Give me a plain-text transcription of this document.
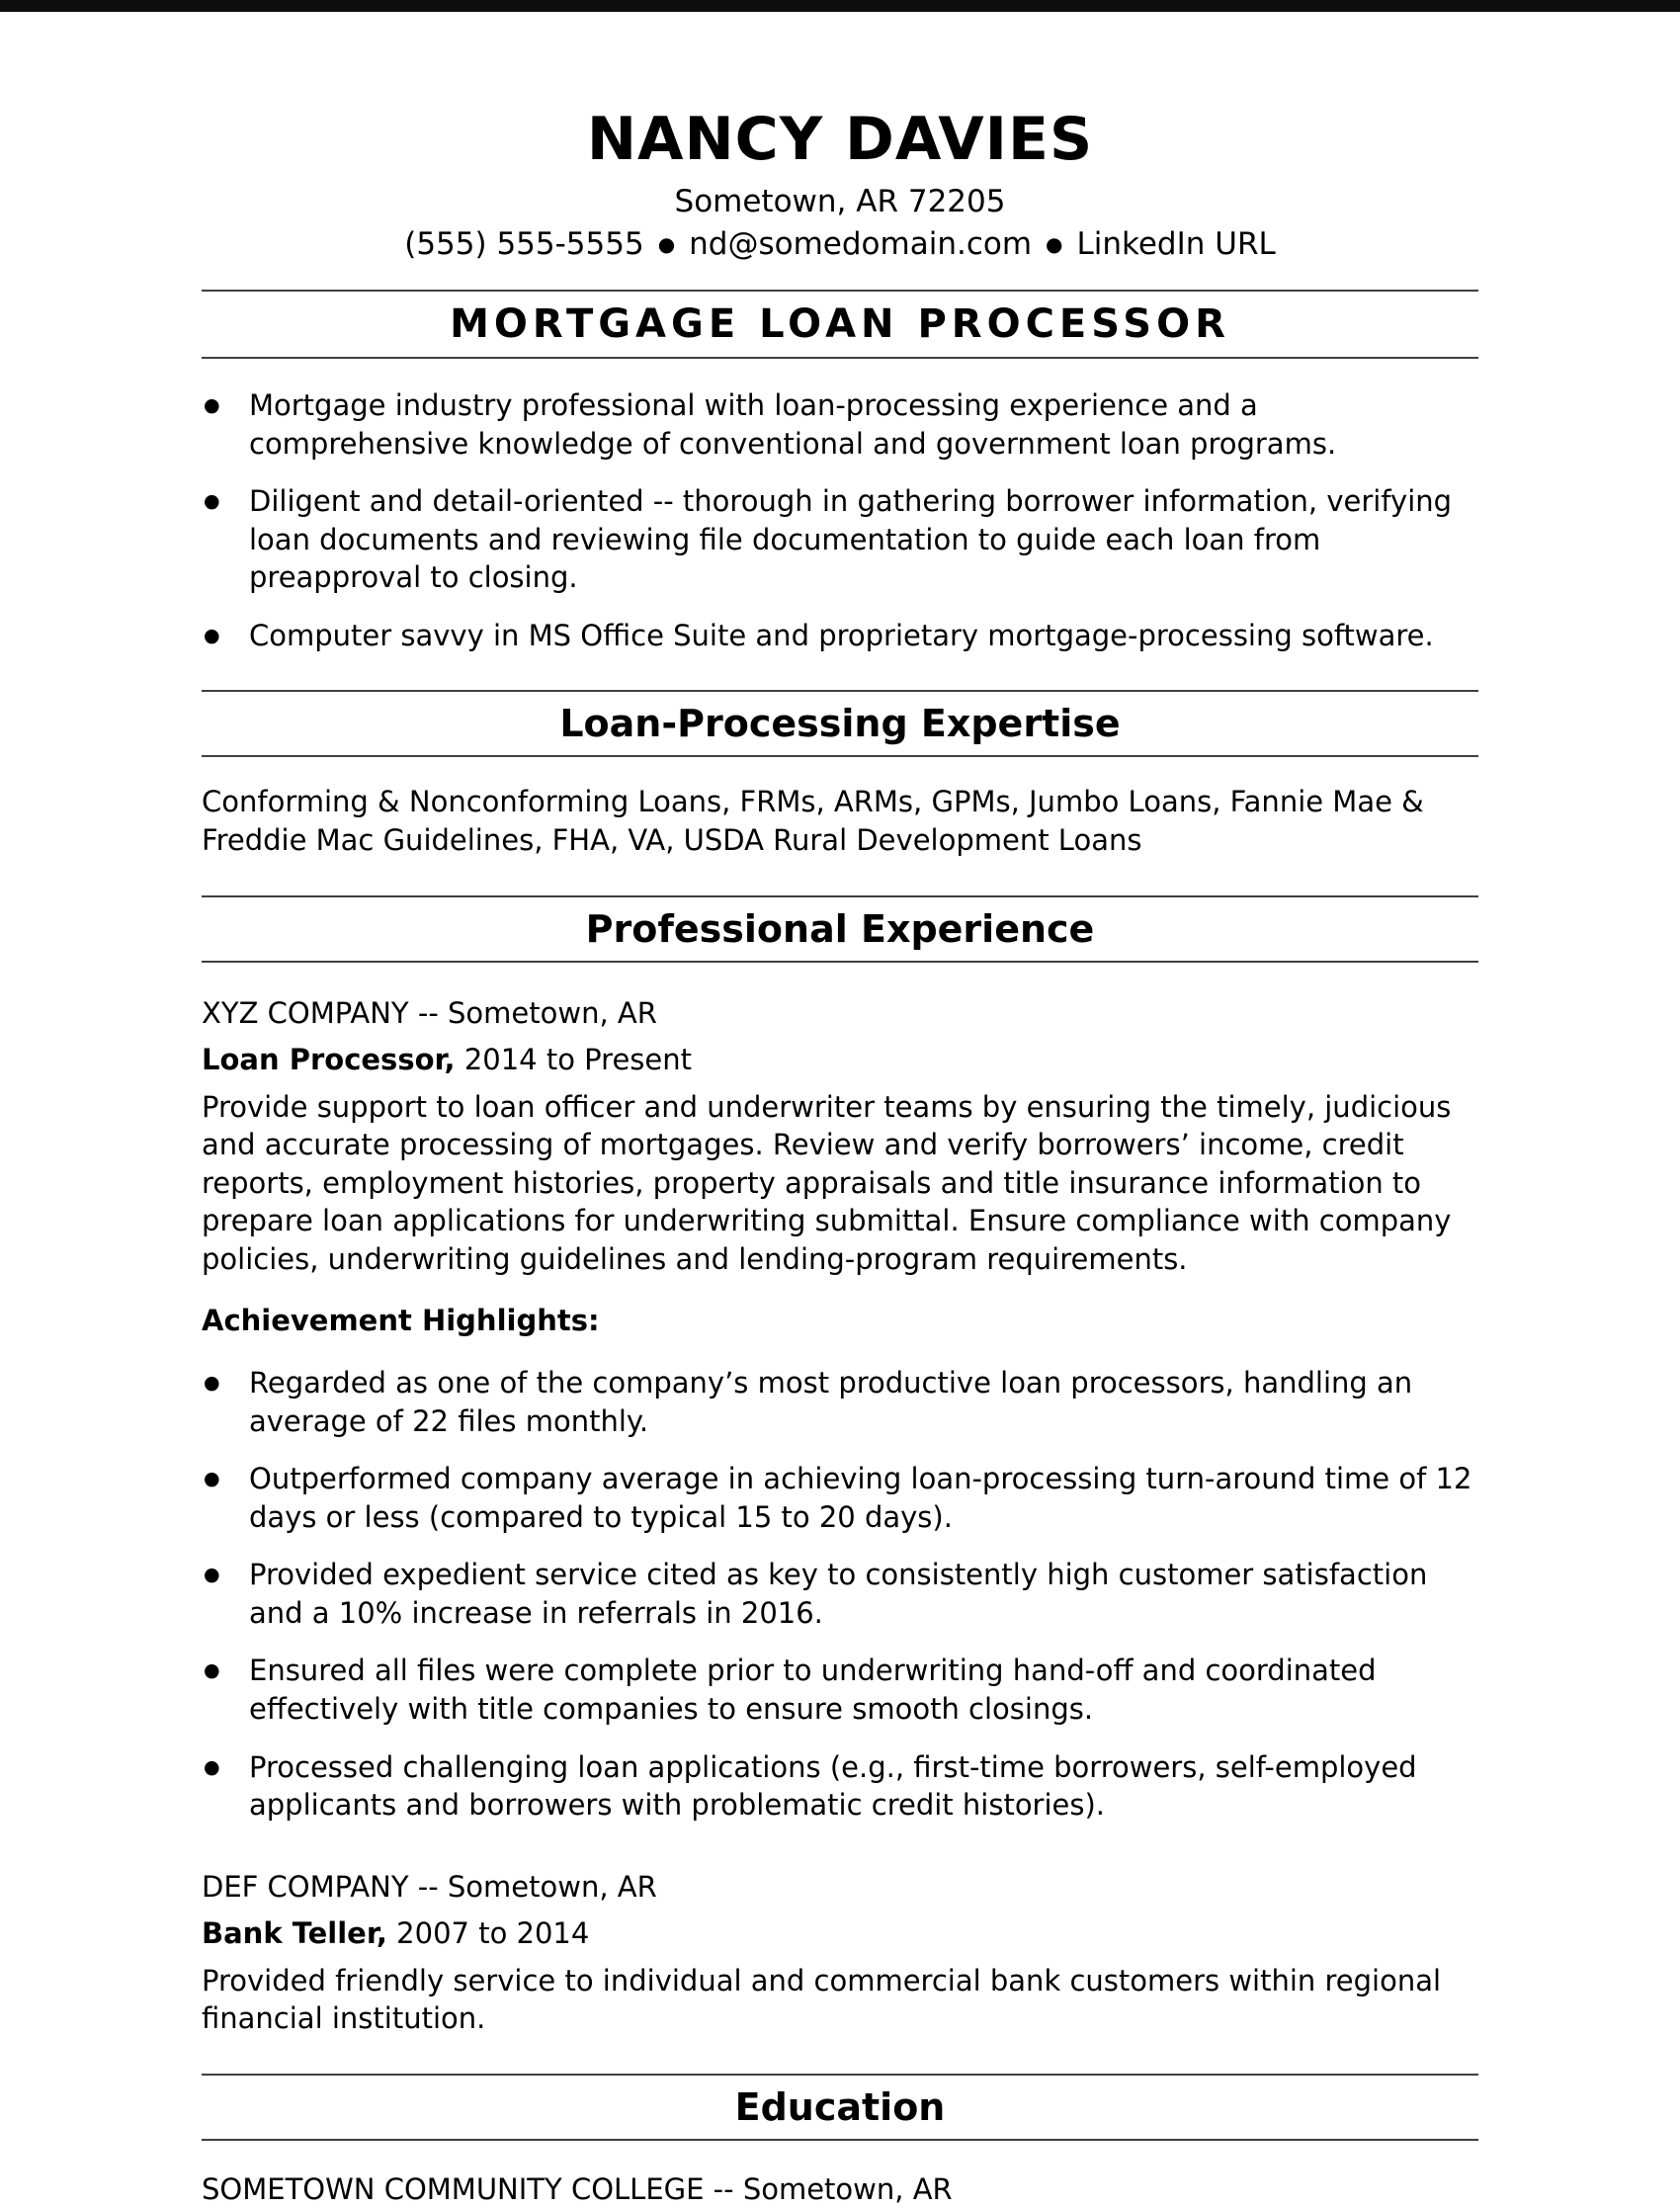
NANCY DAVIES
Sometown, AR 72205
(555) 555-5555 ● nd@somedomain.com ● LinkedIn URL
MORTGAGE LOAN PROCESSOR
● Mortgage industry professional with loan-processing experience and a comprehensive knowledge of conventional and government loan programs.
● Diligent and detail-oriented -- thorough in gathering borrower information, verifying loan documents and reviewing file documentation to guide each loan from preapproval to closing.
● Computer savvy in MS Office Suite and proprietary mortgage-processing software.
Loan-Processing Expertise
Conforming & Nonconforming Loans, FRMs, ARMs, GPMs, Jumbo Loans, Fannie Mae & Freddie Mac Guidelines, FHA, VA, USDA Rural Development Loans
Professional Experience
XYZ COMPANY -- Sometown, AR
Loan Processor, 2014 to Present
Provide support to loan officer and underwriter teams by ensuring the timely, judicious and accurate processing of mortgages. Review and verify borrowers’ income, credit reports, employment histories, property appraisals and title insurance information to prepare loan applications for underwriting submittal. Ensure compliance with company policies, underwriting guidelines and lending-program requirements.
Achievement Highlights:
● Regarded as one of the company’s most productive loan processors, handling an average of 22 files monthly.
● Outperformed company average in achieving loan-processing turn-around time of 12 days or less (compared to typical 15 to 20 days).
● Provided expedient service cited as key to consistently high customer satisfaction and a 10% increase in referrals in 2016.
● Ensured all files were complete prior to underwriting hand-off and coordinated effectively with title companies to ensure smooth closings.
● Processed challenging loan applications (e.g., first-time borrowers, self-employed applicants and borrowers with problematic credit histories).
DEF COMPANY -- Sometown, AR
Bank Teller, 2007 to 2014
Provided friendly service to individual and commercial bank customers within regional financial institution.
Education
SOMETOWN COMMUNITY COLLEGE -- Sometown, AR
